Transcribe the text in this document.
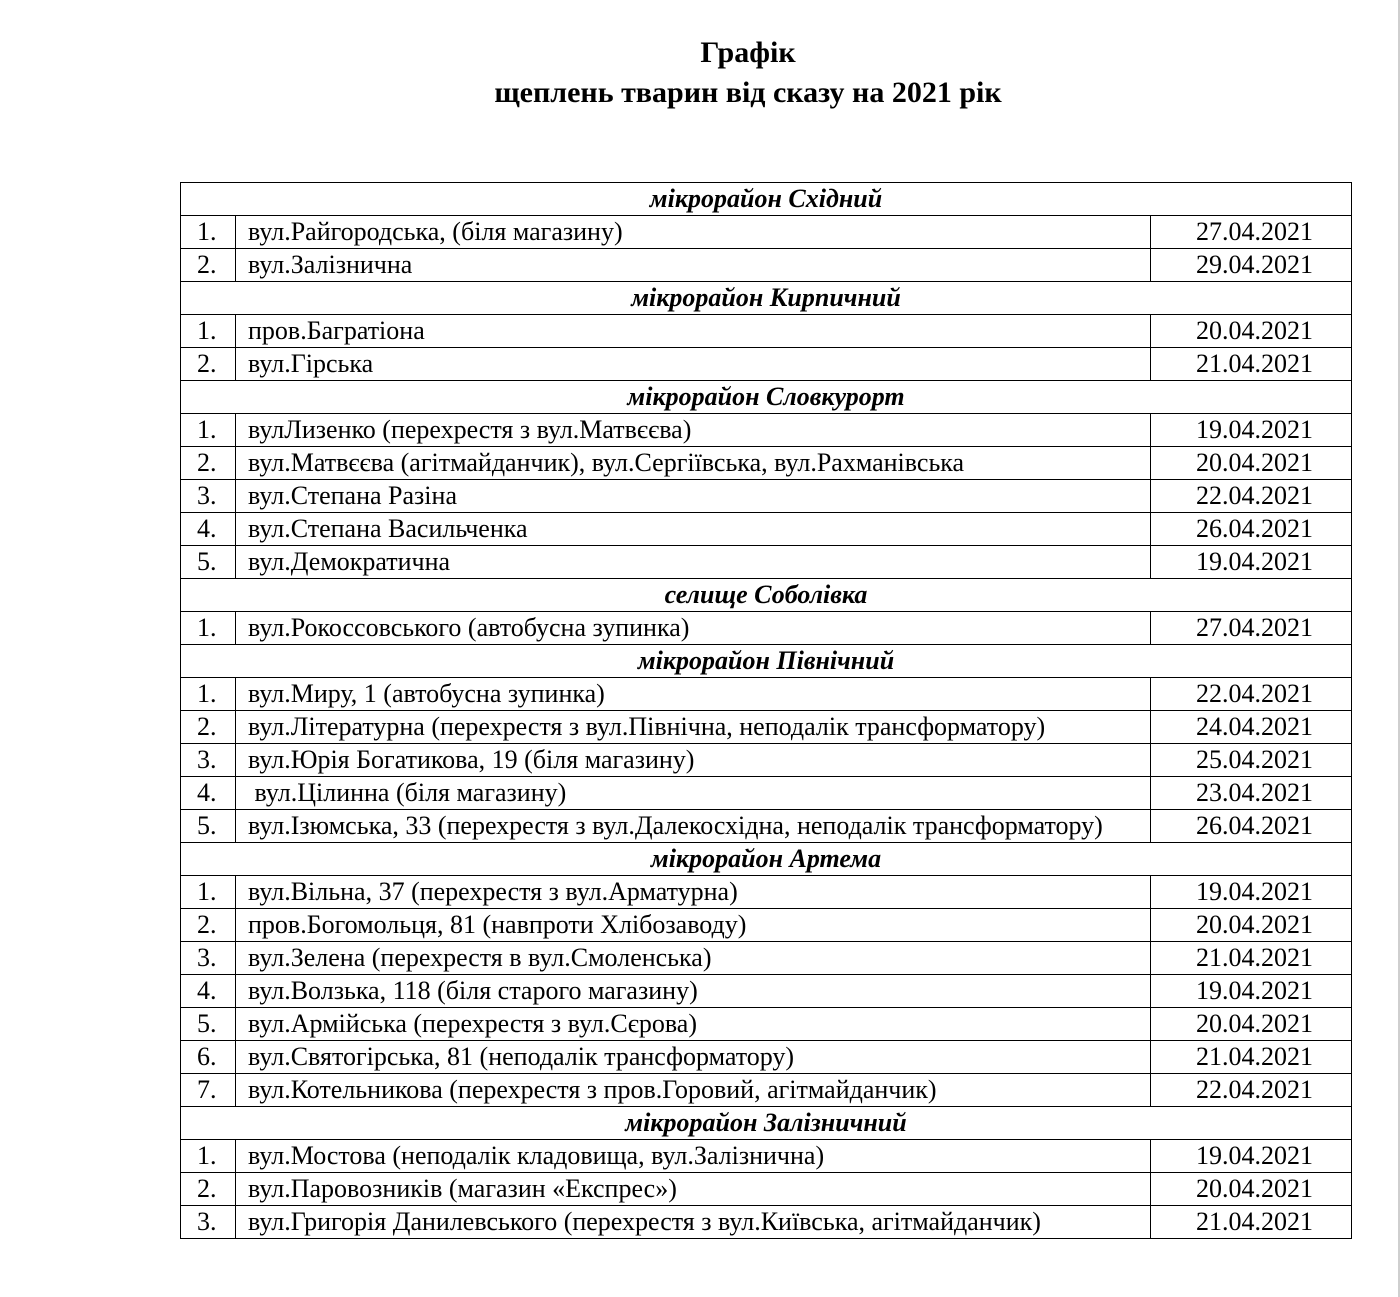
Графік
щеплень тварин від сказу на 2021 рік
мікрорайон Східний		
1.	вул.Райгородська, (біля магазину)	27.04.2021
2.	вул.Залізнична	29.04.2021
мікрорайон Кирпичний		
1.	пров.Багратіона	20.04.2021
2.	вул.Гірська	21.04.2021
мікрорайон Словкурорт		
1.	вулЛизенко (перехрестя з вул.Матвєєва)	19.04.2021
2.	вул.Матвєєва (агітмайданчик), вул.Сергіївська, вул.Рахманівська	20.04.2021
3.	вул.Степана Разіна	22.04.2021
4.	вул.Степана Васильченка	26.04.2021
5.	вул.Демократична	19.04.2021
селище Соболівка		
1.	вул.Рокоссовського (автобусна зупинка)	27.04.2021
мікрорайон Північний		
1.	вул.Миру, 1 (автобусна зупинка)	22.04.2021
2.	вул.Літературна (перехрестя з вул.Північна, неподалік трансформатору)	24.04.2021
3.	вул.Юрія Богатикова, 19 (біля магазину)	25.04.2021
4.	вул.Цілинна (біля магазину)	23.04.2021
5.	вул.Ізюмська, 33 (перехрестя з вул.Далекосхідна, неподалік трансформатору)	26.04.2021
мікрорайон Артема		
1.	вул.Вільна, 37 (перехрестя з вул.Арматурна)	19.04.2021
2.	пров.Богомольця, 81 (навпроти Хлібозаводу)	20.04.2021
3.	вул.Зелена (перехрестя в вул.Смоленська)	21.04.2021
4.	вул.Волзька, 118 (біля старого магазину)	19.04.2021
5.	вул.Армійська (перехрестя з вул.Сєрова)	20.04.2021
6.	вул.Святогірська, 81 (неподалік трансформатору)	21.04.2021
7.	вул.Котельникова (перехрестя з пров.Горовий, агітмайданчик)	22.04.2021
мікрорайон Залізничний		
1.	вул.Мостова (неподалік кладовища, вул.Залізнична)	19.04.2021
2.	вул.Паровозників (магазин «Експрес»)	20.04.2021
3.	вул.Григорія Данилевського (перехрестя з вул.Київська, агітмайданчик)	21.04.2021
